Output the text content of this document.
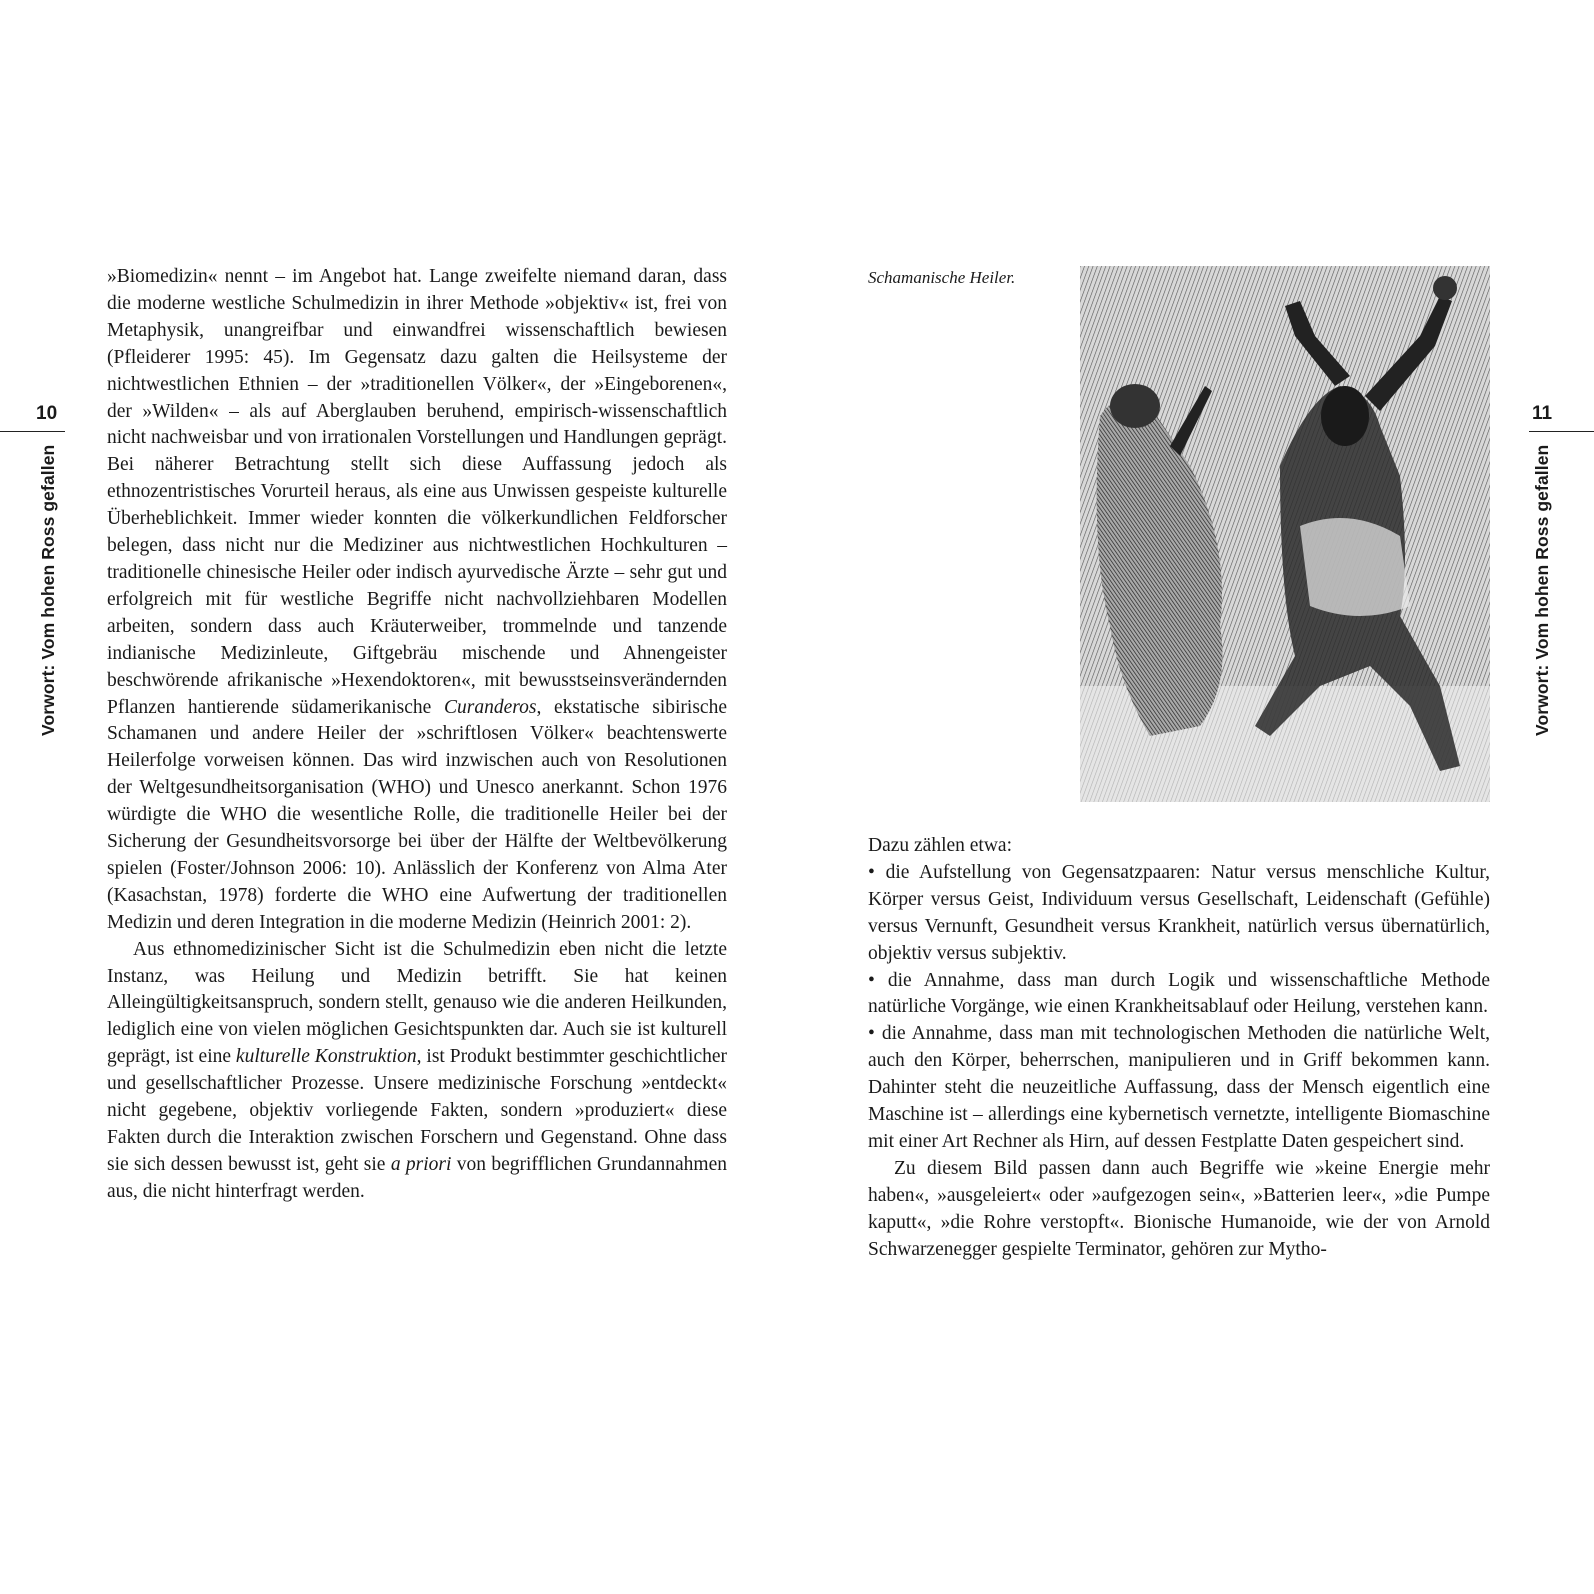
10
Vorwort: Vom hohen Ross gefallen

»Biomedizin« nennt – im Angebot hat. Lange zweifelte niemand daran, dass die moderne westliche Schulmedizin in ihrer Methode »objektiv« ist, frei von Metaphysik, unangreifbar und einwandfrei wissenschaftlich bewiesen (Pfleiderer 1995: 45). Im Gegensatz dazu galten die Heilsysteme der nichtwestlichen Ethnien – der »traditionellen Völker«, der »Eingeborenen«, der »Wilden« – als auf Aberglauben beruhend, empirisch-wissenschaftlich nicht nachweisbar und von irrationalen Vorstellungen und Handlungen geprägt. Bei näherer Betrachtung stellt sich diese Auffassung jedoch als ethnozentristisches Vorurteil heraus, als eine aus Unwissen gespeiste kulturelle Überheblichkeit. Immer wieder konnten die völkerkundlichen Feldforscher belegen, dass nicht nur die Mediziner aus nichtwestlichen Hochkulturen – traditionelle chinesische Heiler oder indisch ayurvedische Ärzte – sehr gut und erfolgreich mit für westliche Begriffe nicht nachvollziehbaren Modellen arbeiten, sondern dass auch Kräuterweiber, trommelnde und tanzende indianische Medizinleute, Giftgebräu mischende und Ahnengeister beschwörende afrikanische »Hexendoktoren«, mit bewusstseinsverändernden Pflanzen hantierende südamerikanische Curanderos, ekstatische sibirische Schamanen und andere Heiler der »schriftlosen Völker« beachtenswerte Heilerfolge vorweisen können. Das wird inzwischen auch von Resolutionen der Weltgesundheitsorganisation (WHO) und Unesco anerkannt. Schon 1976 würdigte die WHO die wesentliche Rolle, die traditionelle Heiler bei der Sicherung der Gesundheitsvorsorge bei über der Hälfte der Weltbevölkerung spielen (Foster/Johnson 2006: 10). Anlässlich der Konferenz von Alma Ater (Kasachstan, 1978) forderte die WHO eine Aufwertung der traditionellen Medizin und deren Integration in die moderne Medizin (Heinrich 2001: 2).

Aus ethnomedizinischer Sicht ist die Schulmedizin eben nicht die letzte Instanz, was Heilung und Medizin betrifft. Sie hat keinen Alleingültigkeitsanspruch, sondern stellt, genauso wie die anderen Heilkunden, lediglich eine von vielen möglichen Gesichtspunkten dar. Auch sie ist kulturell geprägt, ist eine kulturelle Konstruktion, ist Produkt bestimmter geschichtlicher und gesellschaftlicher Prozesse. Unsere medizinische Forschung »entdeckt« nicht gegebene, objektiv vorliegende Fakten, sondern »produziert« diese Fakten durch die Interaktion zwischen Forschern und Gegenstand. Ohne dass sie sich dessen bewusst ist, geht sie a priori von begrifflichen Grundannahmen aus, die nicht hinterfragt werden.

11
Vorwort: Vom hohen Ross gefallen
Schamanische Heiler.

Dazu zählen etwa:

• die Aufstellung von Gegensatzpaaren: Natur versus menschliche Kultur, Körper versus Geist, Individuum versus Gesellschaft, Leidenschaft (Gefühle) versus Vernunft, Gesundheit versus Krankheit, natürlich versus übernatürlich, objektiv versus subjektiv.

• die Annahme, dass man durch Logik und wissenschaftliche Methode natürliche Vorgänge, wie einen Krankheitsablauf oder Heilung, verstehen kann.

• die Annahme, dass man mit technologischen Methoden die natürliche Welt, auch den Körper, beherrschen, manipulieren und in Griff bekommen kann. Dahinter steht die neuzeitliche Auffassung, dass der Mensch eigentlich eine Maschine ist – allerdings eine kybernetisch vernetzte, intelligente Biomaschine mit einer Art Rechner als Hirn, auf dessen Festplatte Daten gespeichert sind.

Zu diesem Bild passen dann auch Begriffe wie »keine Energie mehr haben«, »ausgeleiert« oder »aufgezogen sein«, »Batterien leer«, »die Pumpe kaputt«, »die Rohre verstopft«. Bionische Humanoide, wie der von Arnold Schwarzenegger gespielte Terminator, gehören zur Mytho-
